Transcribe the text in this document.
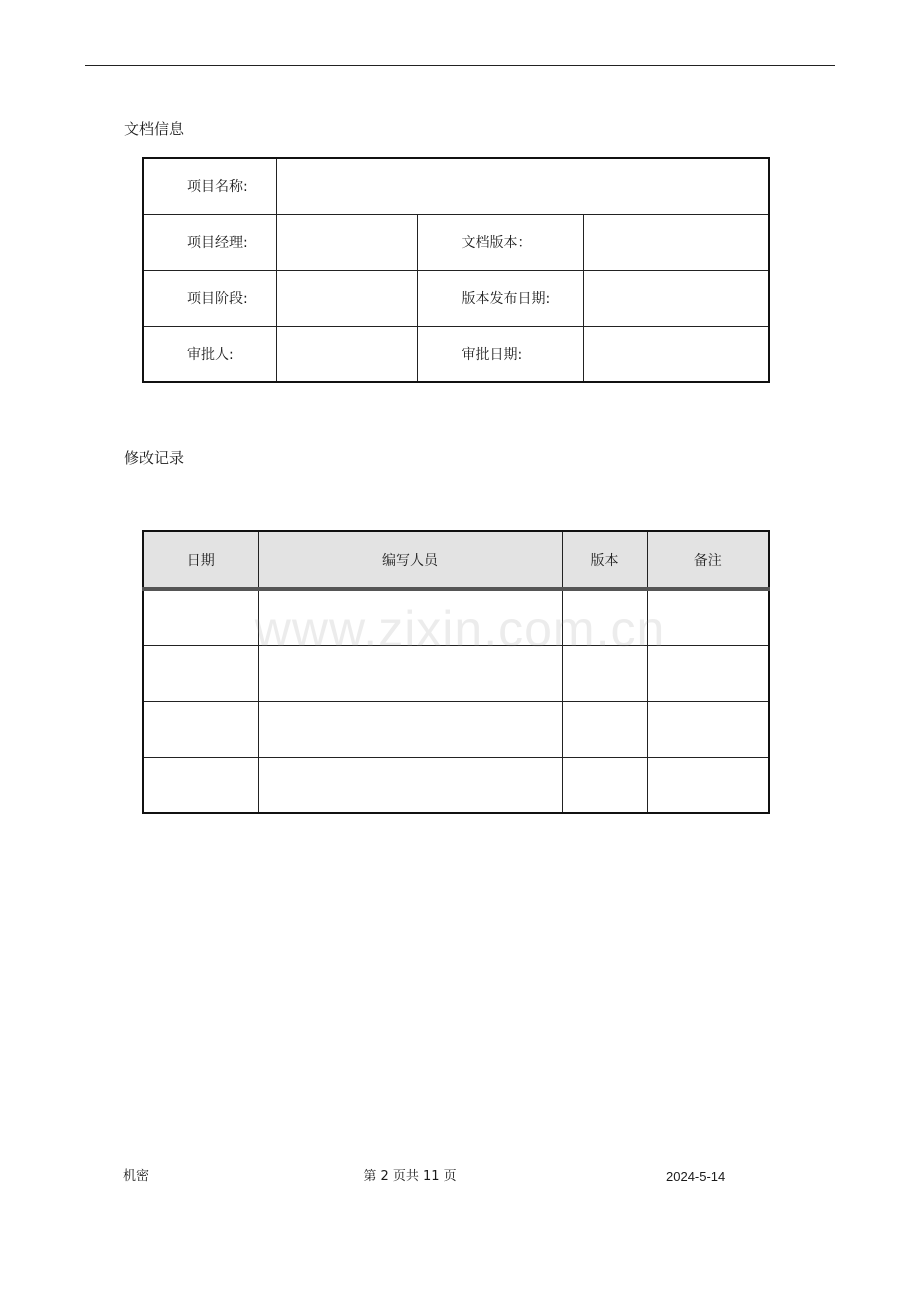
文档信息
项目名称:			
项目经理:		文档版本：	
项目阶段:		版本发布日期:	
审批人:		审批日期:	
修改记录
日期	编写人员	版本	备注

www.zixin.com.cn
机密	第 2 页共 11 页	2024-5-14
